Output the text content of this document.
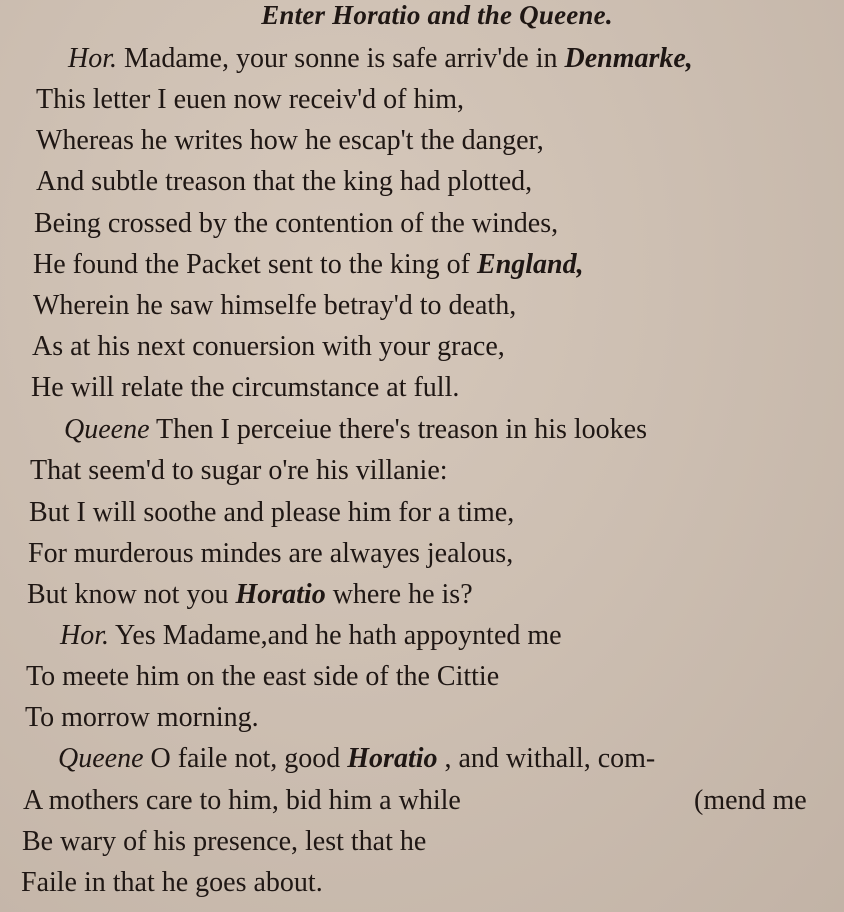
Enter Horatio and the Queene.
Hor. Madame, your sonne is safe arriv'de in Denmarke,
This letter I euen now receiv'd of him,
Whereas he writes how he escap't the danger,
And subtle treason that the king had plotted,
Being crossed by the contention of the windes,
He found the Packet sent to the king of England,
Wherein he saw himselfe betray'd to death,
As at his next conuersion with your grace,
He will relate the circumstance at full.
Queene Then I perceiue there's treason in his lookes
That seem'd to sugar o're his villanie:
But I will soothe and please him for a time,
For murderous mindes are alwayes jealous,
But know not you Horatio where he is?
Hor. Yes Madame,and he hath appoynted me
To meete him on the east side of the Cittie
To morrow morning.
Queene O faile not, good Horatio , and withall, com-
A mothers care to him, bid him a while	(mend me
Be wary of his presence, lest that he
Faile in that he goes about.
